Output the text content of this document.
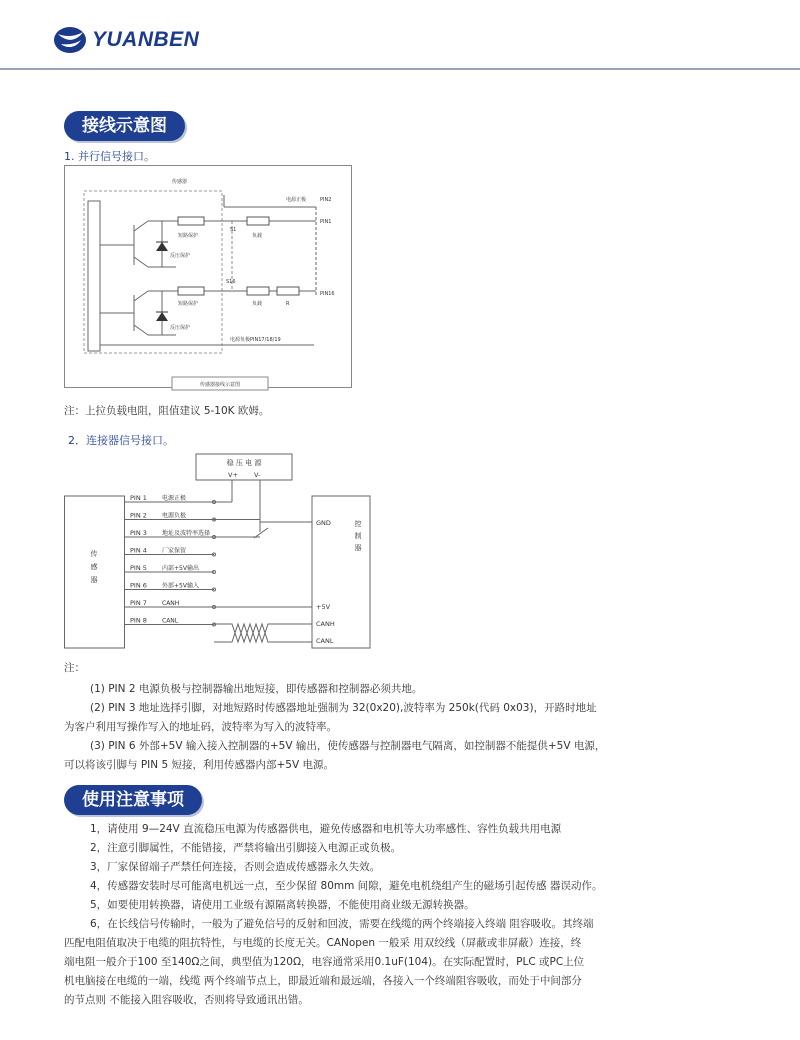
YUANBEN
接线示意图
1. 并行信号接口。
传感器
电源正极	PIN2
PIN1
PIN16
短路保护
反压保护
短路保护
反压保护
S1
S16
负载
负载	R
电源负极PIN17/18/19
传感器接线示意图
注：上拉负载电阻，阻值建议 5-10K 欧姆。
2．连接器信号接口。
稳 压 电 源
V+ V-
传
感
器
控
制
器
GND
+5V
CANH
CANL
PIN 1	电源正极
PIN 2	电源负极
PIN 3	地址及波特率选择
PIN 4	厂家保留
PIN 5	内部+5V输出
PIN 6	外部+5V输入
PIN 7	CANH
PIN 8	CANL
注：
(1) PIN 2 电源负极与控制器输出地短接，即传感器和控制器必须共地。
(2) PIN 3 地址选择引脚，对地短路时传感器地址强制为 32(0x20),波特率为 250k(代码 0x03)，开路时地址
为客户利用写操作写入的地址码，波特率为写入的波特率。
(3) PIN 6 外部+5V 输入接入控制器的+5V 输出，使传感器与控制器电气隔离，如控制器不能提供+5V 电源，
可以将该引脚与 PIN 5 短接，利用传感器内部+5V 电源。
使用注意事项
1，请使用 9—24V 直流稳压电源为传感器供电，避免传感器和电机等大功率感性、容性负载共用电源
2，注意引脚属性，不能错接，严禁将输出引脚接入电源正或负极。
3，厂家保留端子严禁任何连接，否则会造成传感器永久失效。
4，传感器安装时尽可能离电机远一点，至少保留 80mm 间隙，避免电机绕组产生的磁场引起传感 器误动作。
5，如要使用转换器，请使用工业级有源隔离转换器，不能使用商业级无源转换器。
6，在长线信号传输时，一般为了避免信号的反射和回波，需要在线缆的两个终端接入终端 阻容吸收。其终端
匹配电阻值取决于电缆的阻抗特性，与电缆的长度无关。CANopen 一般采 用双绞线（屏蔽或非屏蔽）连接，终
端电阻一般介于100 至140Ω之间，典型值为120Ω，电容通常采用0.1uF(104)。在实际配置时，PLC 或PC上位
机电脑接在电缆的一端，线缆 两个终端节点上，即最近端和最远端，各接入一个终端阻容吸收，而处于中间部分
的节点则 不能接入阻容吸收，否则将导致通讯出错。
